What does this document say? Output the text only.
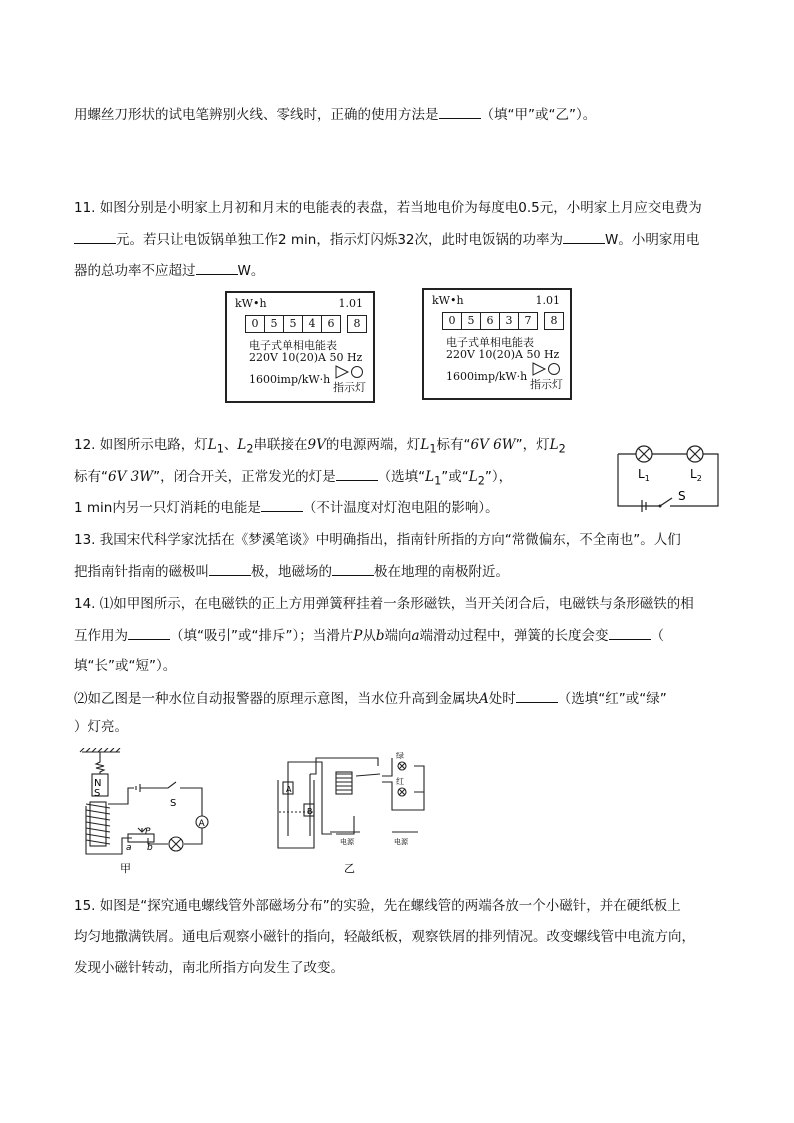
用螺丝刀形状的试电笔辨别火线、零线时，正确的使用方法是	（填“甲”或“乙”）。
11. 如图分别是小明家上月初和月末的电能表的表盘，若当地电价为每度电0.5元，小明家上月应交电费为
元。若只让电饭锅单独工作2 min，指示灯闪烁32次，此时电饭锅的功率为	W。小明家用电
器的总功率不应超过	W。
kW•h	1.01
0	5	5	4	6	8
电子式单相电能表
220V 10(20)A 50 Hz
1600imp/kW·h
指示灯
kW•h	1.01
0	5	6	3	7	8
电子式单相电能表
220V 10(20)A 50 Hz
1600imp/kW·h
指示灯
12. 如图所示电路，灯$L_1$、$L_2$串联接在9V的电源两端，灯$L_1$标有“6V 6W”，灯$L_2$
标有“6V 3W”，闭合开关，正常发光的灯是	（选填“$L_1$”或“$L_2$”），
1 min内另一只灯消耗的电能是	（不计温度对灯泡电阻的影响）。
$L_1$	$L_2$
S
13. 我国宋代科学家沈括在《梦溪笔谈》中明确指出，指南针所指的方向“常微偏东，不全南也”。人们
把指南针指南的磁极叫	极，地磁场的	极在地理的南极附近。
14. ⑴如甲图所示，在电磁铁的正上方用弹簧秤挂着一条形磁铁，当开关闭合后，电磁铁与条形磁铁的相
互作用为	（填“吸引”或“排斥”）；当滑片P从b端向a端滑动过程中，弹簧的长度会变	（
填“长”或“短”）。
⑵如乙图是一种水位自动报警器的原理示意图，当水位升高到金属块A处时	（选填“红”或“绿”
）灯亮。
N
S
S
A
P
a b
甲
A
B
绿
红
电源	电源
乙
15. 如图是“探究通电螺线管外部磁场分布”的实验，先在螺线管的两端各放一个小磁针，并在硬纸板上
均匀地撒满铁屑。通电后观察小磁针的指向，轻敲纸板，观察铁屑的排列情况。改变螺线管中电流方向，
发现小磁针转动，南北所指方向发生了改变。
